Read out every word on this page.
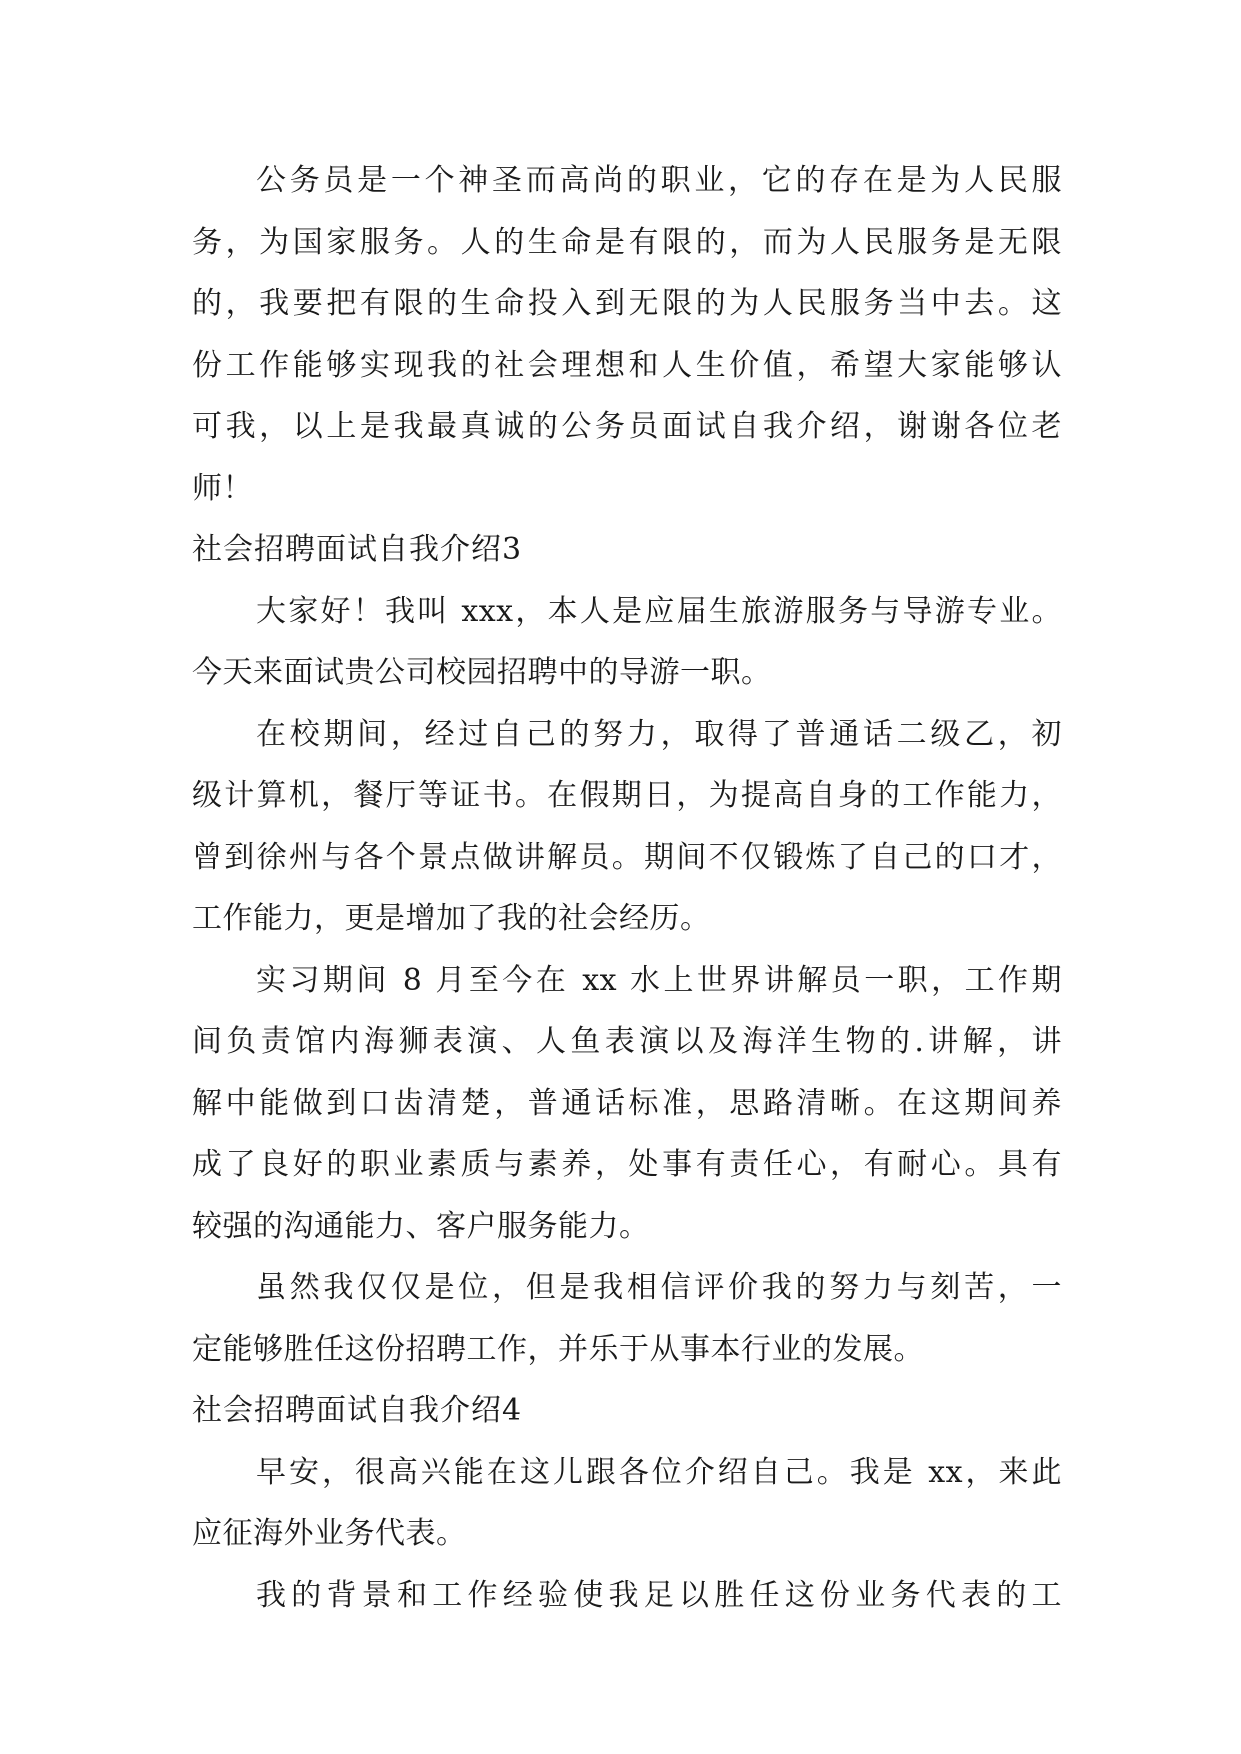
公务员是一个神圣而高尚的职业，它的存在是为人民服
务，为国家服务。人的生命是有限的，而为人民服务是无限
的，我要把有限的生命投入到无限的为人民服务当中去。这
份工作能够实现我的社会理想和人生价值，希望大家能够认
可我，以上是我最真诚的公务员面试自我介绍，谢谢各位老
师！
社会招聘面试自我介绍3
大家好！我叫 xxx，本人是应届生旅游服务与导游专业。
今天来面试贵公司校园招聘中的导游一职。
在校期间，经过自己的努力，取得了普通话二级乙，初
级计算机，餐厅等证书。在假期日，为提高自身的工作能力，
曾到徐州与各个景点做讲解员。期间不仅锻炼了自己的口才，
工作能力，更是增加了我的社会经历。
实习期间 8 月至今在 xx 水上世界讲解员一职，工作期
间负责馆内海狮表演、人鱼表演以及海洋生物的.讲解，讲
解中能做到口齿清楚，普通话标准，思路清晰。在这期间养
成了良好的职业素质与素养，处事有责任心，有耐心。具有
较强的沟通能力、客户服务能力。
虽然我仅仅是位，但是我相信评价我的努力与刻苦，一
定能够胜任这份招聘工作，并乐于从事本行业的发展。
社会招聘面试自我介绍4
早安，很高兴能在这儿跟各位介绍自己。我是 xx，来此
应征海外业务代表。
我的背景和工作经验使我足以胜任这份业务代表的工
